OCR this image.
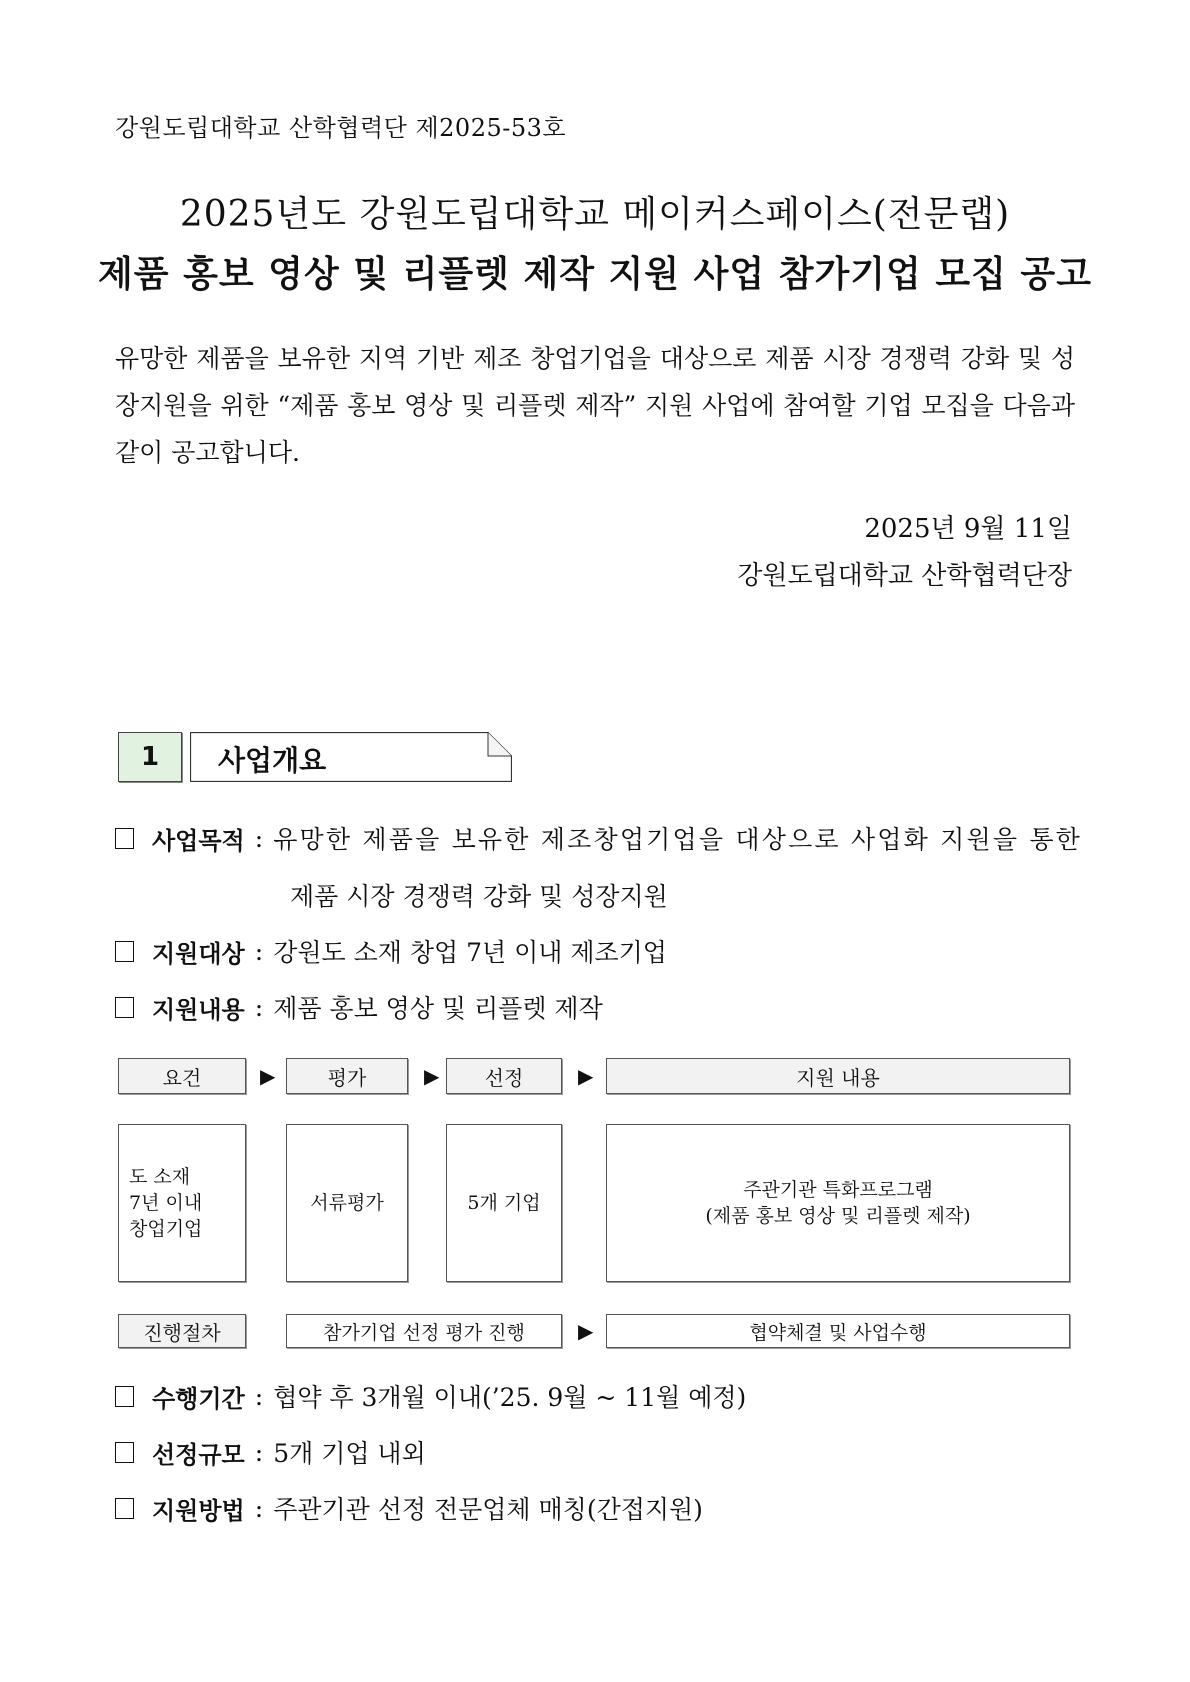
강원도립대학교 산학협력단 제2025-53호
2025년도 강원도립대학교 메이커스페이스(전문랩)
제품 홍보 영상 및 리플렛 제작 지원 사업 참가기업 모집 공고
유망한 제품을 보유한 지역 기반 제조 창업기업을 대상으로 제품 시장 경쟁력 강화 및 성장지원을 위한 “제품 홍보 영상 및 리플렛 제작” 지원 사업에 참여할 기업 모집을 다음과 같이 공고합니다.
2025년 9월 11일
강원도립대학교 산학협력단장
1	사업개요
사업목적 : 유망한 제품을 보유한 제조창업기업을 대상으로 사업화 지원을 통한
제품 시장 경쟁력 강화 및 성장지원
지원대상 : 강원도 소재 창업 7년 이내 제조기업
지원내용 : 제품 홍보 영상 및 리플렛 제작
요건	▶	평가	▶	선정	▶	지원 내용
도 소재
7년 이내
창업기업
서류평가	5개 기업
주관기관 특화프로그램
(제품 홍보 영상 및 리플렛 제작)
진행절차	참가기업 선정 평가 진행	▶	협약체결 및 사업수행
수행기간 : 협약 후 3개월 이내(’25. 9월 ~ 11월 예정)
선정규모 : 5개 기업 내외
지원방법 : 주관기관 선정 전문업체 매칭(간접지원)
